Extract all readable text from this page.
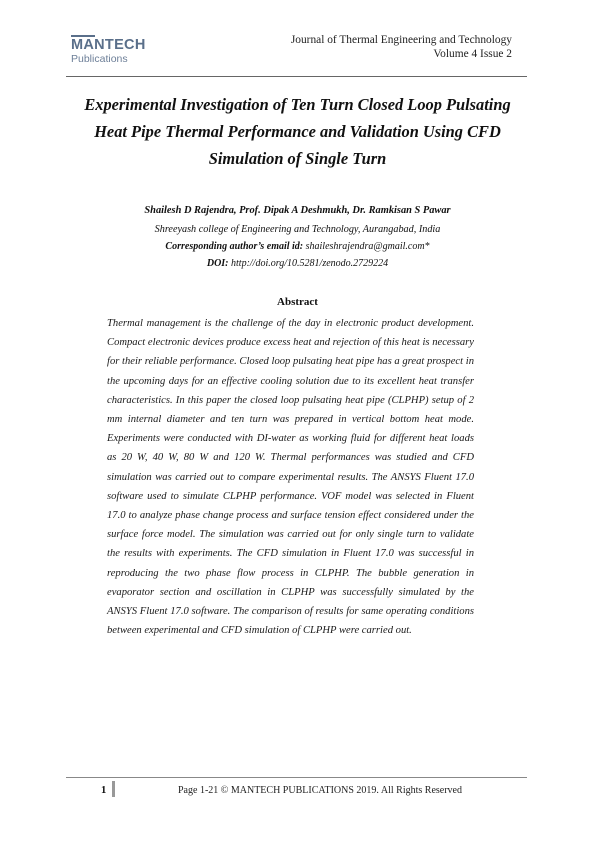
MANTECH
Publications
Journal of Thermal Engineering and Technology
Volume 4 Issue 2
Experimental Investigation of Ten Turn Closed Loop Pulsating Heat Pipe Thermal Performance and Validation Using CFD Simulation of Single Turn
Shailesh D Rajendra, Prof. Dipak A Deshmukh, Dr. Ramkisan S Pawar
Shreeyash college of Engineering and Technology, Aurangabad, India
Corresponding author’s email id: shaileshrajendra@gmail.com*
DOI: http://doi.org/10.5281/zenodo.2729224
Abstract
Thermal management is the challenge of the day in electronic product development. Compact electronic devices produce excess heat and rejection of this heat is necessary for their reliable performance. Closed loop pulsating heat pipe has a great prospect in the upcoming days for an effective cooling solution due to its excellent heat transfer characteristics. In this paper the closed loop pulsating heat pipe (CLPHP) setup of 2 mm internal diameter and ten turn was prepared in vertical bottom heat mode. Experiments were conducted with DI-water as working fluid for different heat loads as 20 W, 40 W, 80 W and 120 W. Thermal performances was studied and CFD simulation was carried out to compare experimental results. The ANSYS Fluent 17.0 software used to simulate CLPHP performance. VOF model was selected in Fluent 17.0 to analyze phase change process and surface tension effect considered under the surface force model. The simulation was carried out for only single turn to validate the results with experiments. The CFD simulation in Fluent 17.0 was successful in reproducing the two phase flow process in CLPHP. The bubble generation in evaporator section and oscillation in CLPHP was successfully simulated by the ANSYS Fluent 17.0 software. The comparison of results for same operating conditions between experimental and CFD simulation of CLPHP were carried out.
1	Page 1-21 © MANTECH PUBLICATIONS 2019. All Rights Reserved
